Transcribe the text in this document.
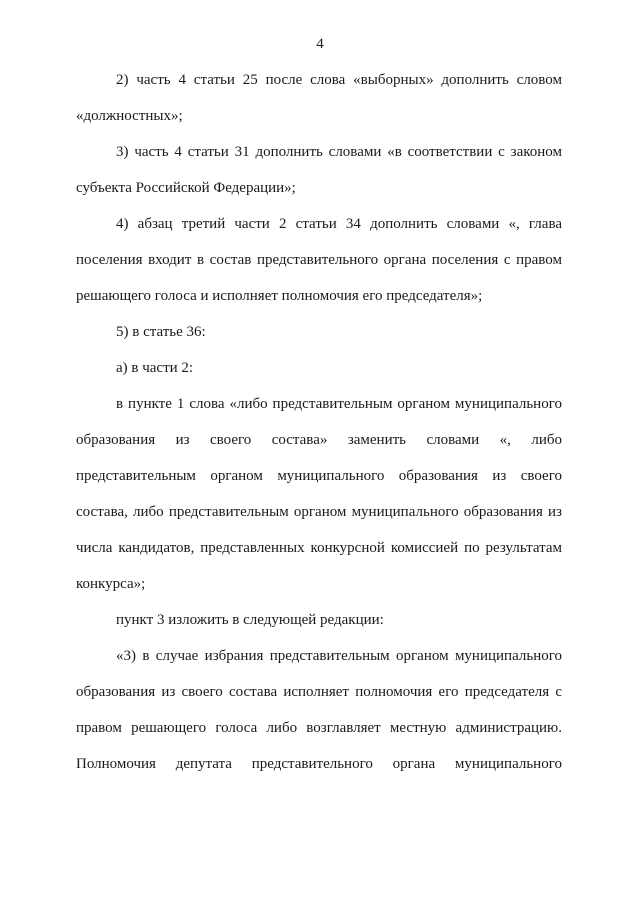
4
2) часть 4 статьи 25 после слова «выборных» дополнить словом
«должностных»;
3) часть 4 статьи 31 дополнить словами «в соответствии с законом
субъекта Российской Федерации»;
4) абзац третий части 2 статьи 34 дополнить словами «, глава
поселения входит в состав представительного органа поселения с правом
решающего голоса и исполняет полномочия его председателя»;
5) в статье 36:
а) в части 2:
в пункте 1 слова «либо представительным органом муниципального
образования из своего состава» заменить словами «, либо
представительным органом муниципального образования из своего
состава, либо представительным органом муниципального образования из
числа кандидатов, представленных конкурсной комиссией по результатам
конкурса»;
пункт 3 изложить в следующей редакции:
«3) в случае избрания представительным органом муниципального
образования из своего состава исполняет полномочия его председателя с
правом решающего голоса либо возглавляет местную администрацию.
Полномочия депутата представительного органа муниципального
